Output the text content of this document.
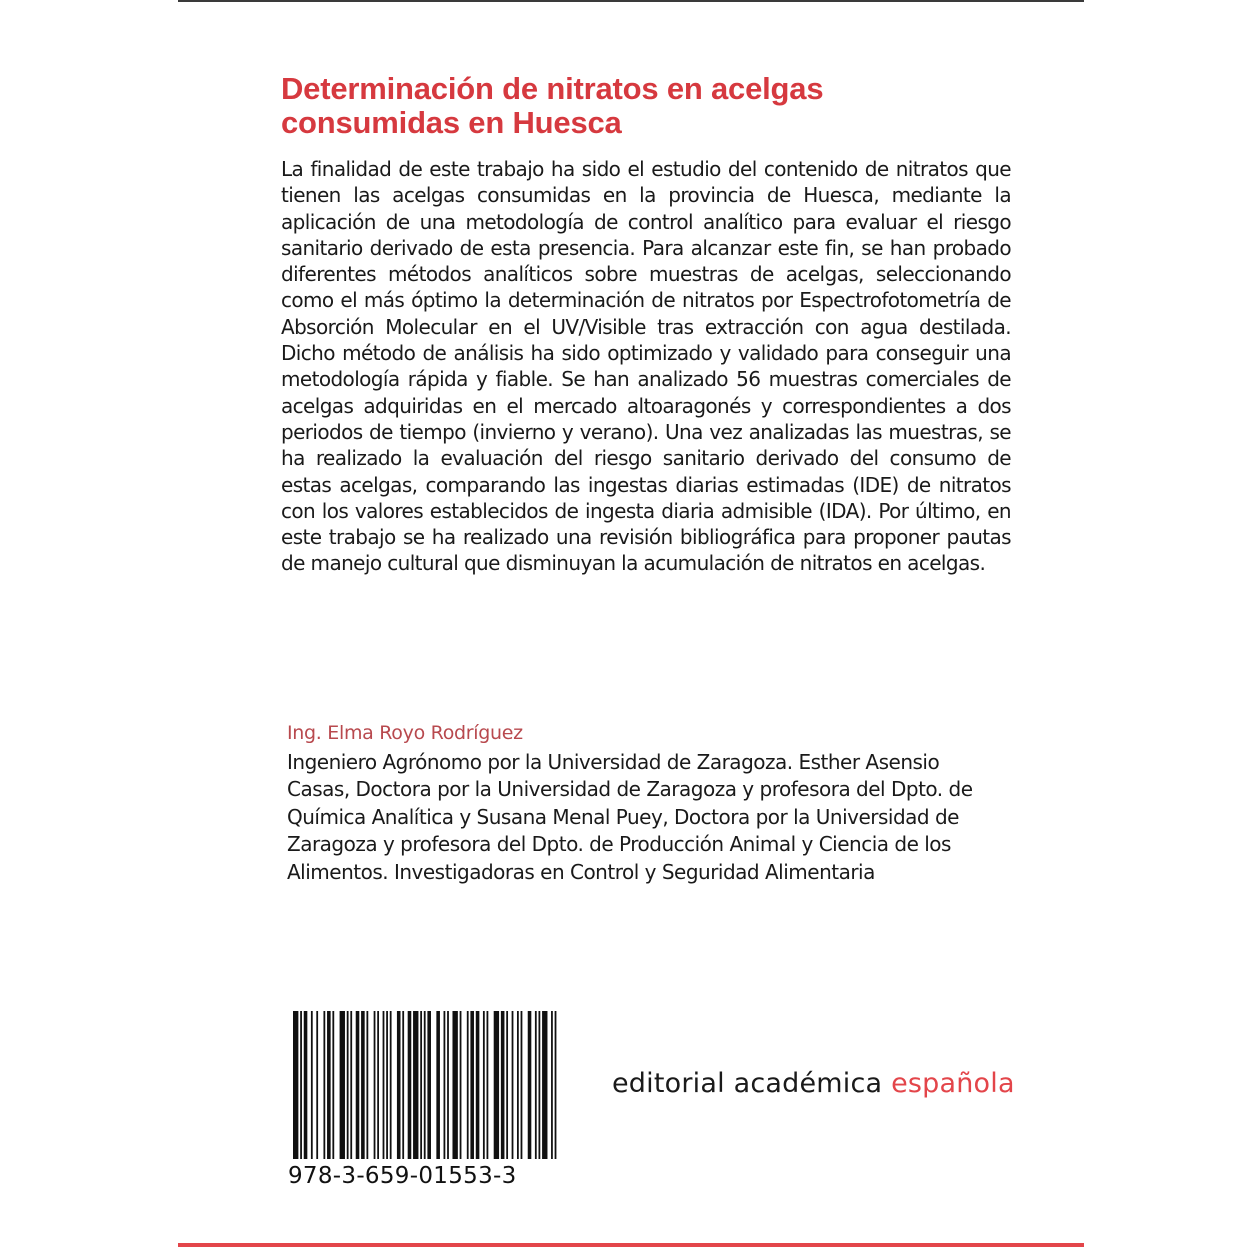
Determinación de nitratos en acelgas
consumidas en Huesca

La finalidad de este trabajo ha sido el estudio del contenido de nitratos que tienen las acelgas consumidas en la provincia de Huesca, mediante la aplicación de una metodología de control analítico para evaluar el riesgo sanitario derivado de esta presencia. Para alcanzar este fin, se han probado diferentes métodos analíticos sobre muestras de acelgas, seleccionando como el más óptimo la determinación de nitratos por Espectrofotometría de Absorción Molecular en el UV/Visible tras extracción con agua destilada. Dicho método de análisis ha sido optimizado y validado para conseguir una metodología rápida y fiable. Se han analizado 56 muestras comerciales de acelgas adquiridas en el mercado altoaragonés y correspondientes a dos periodos de tiempo (invierno y verano). Una vez analizadas las muestras, se ha realizado la evaluación del riesgo sanitario derivado del consumo de estas acelgas, comparando las ingestas diarias estimadas (IDE) de nitratos con los valores establecidos de ingesta diaria admisible (IDA). Por último, en este trabajo se ha realizado una revisión bibliográfica para proponer pautas de manejo cultural que disminuyan la acumulación de nitratos en acelgas.

Ing. Elma Royo Rodríguez

Ingeniero Agrónomo por la Universidad de Zaragoza. Esther Asensio
Casas, Doctora por la Universidad de Zaragoza y profesora del Dpto. de
Química Analítica y Susana Menal Puey, Doctora por la Universidad de
Zaragoza y profesora del Dpto. de Producción Animal y Ciencia de los
Alimentos. Investigadoras en Control y Seguridad Alimentaria

978-3-659-01553-3
editorial académica española
